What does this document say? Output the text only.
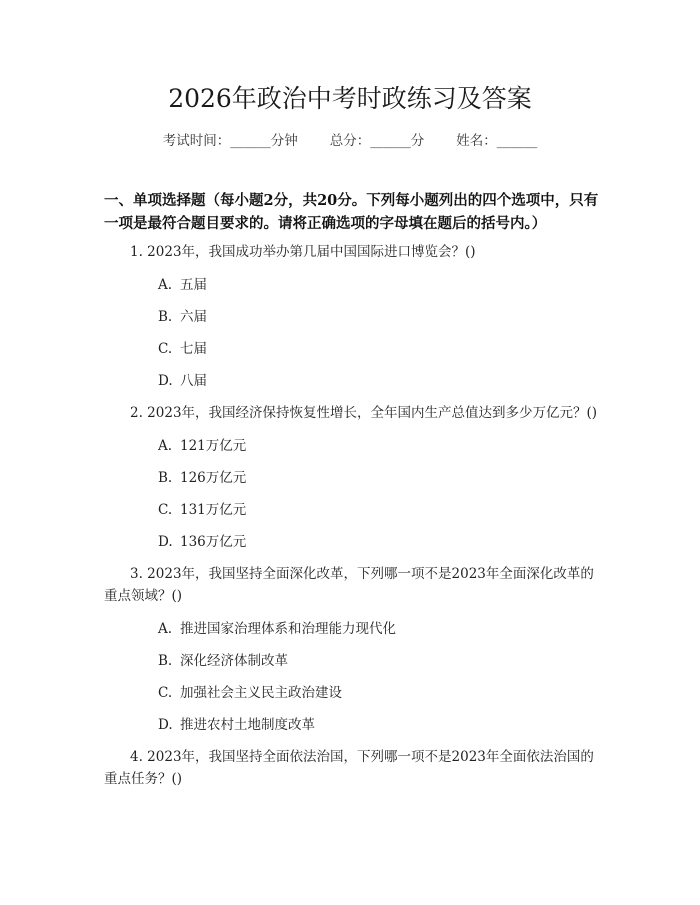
2026年政治中考时政练习及答案
考试时间：______分钟 总分：______分 姓名：______
一、单项选择题（每小题2分，共20分。下列每小题列出的四个选项中，只有一项是最符合题目要求的。请将正确选项的字母填在题后的括号内。）

1. 2023年，我国成功举办第几届中国国际进口博览会？()

A. 五届
B. 六届
C. 七届
D. 八届

2. 2023年，我国经济保持恢复性增长，全年国内生产总值达到多少万亿元？()

A. 121万亿元
B. 126万亿元
C. 131万亿元
D. 136万亿元

3. 2023年，我国坚持全面深化改革，下列哪一项不是2023年全面深化改革的重点领域？()

A. 推进国家治理体系和治理能力现代化
B. 深化经济体制改革
C. 加强社会主义民主政治建设
D. 推进农村土地制度改革

4. 2023年，我国坚持全面依法治国，下列哪一项不是2023年全面依法治国的重点任务？()
